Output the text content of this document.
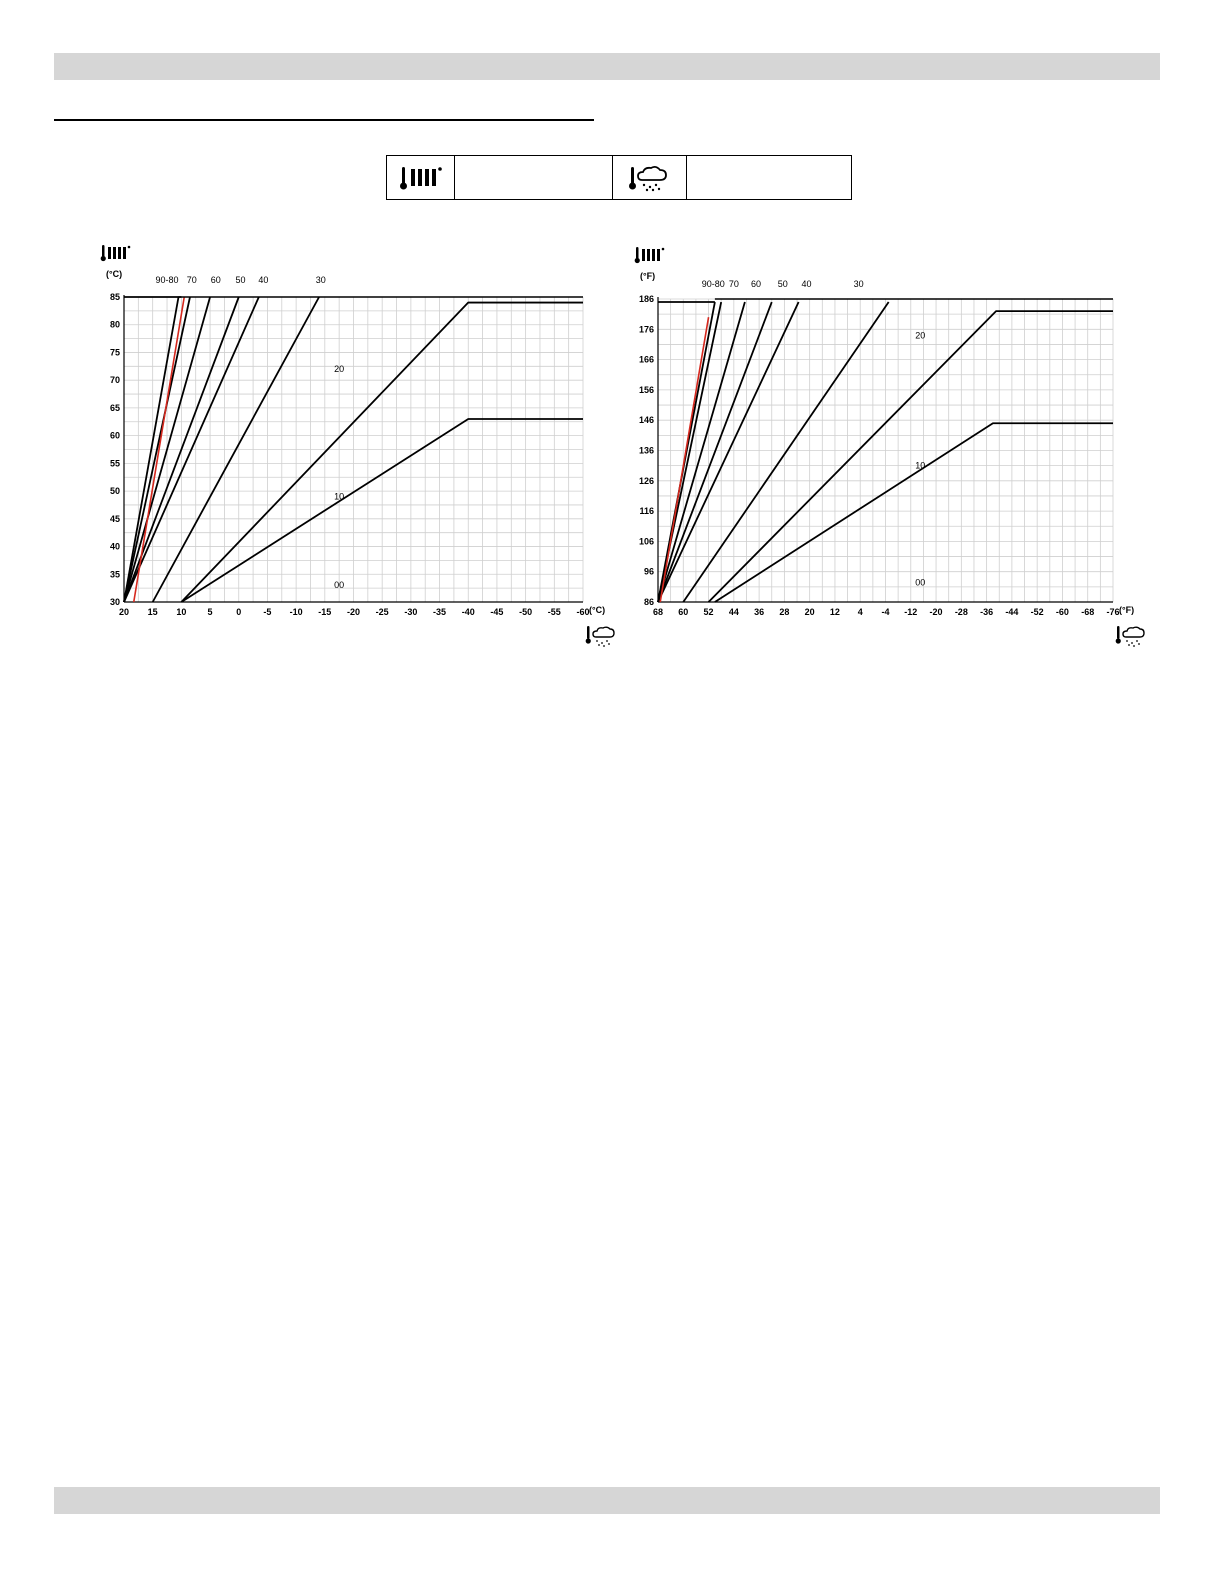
20 15 10 5	0 -5 -10 -15 -20 -25 -30 -35 -40 -45 -50 -55 -60
85
80
75
70
65
60
55
50
45
40
35
30
(°C)
(°C)
90-80 70 60 50 40	30
20
10
00
68 60 52 44 36 28 20 12 4 -4 -12 -20 -28 -36 -44 -52 -60 -68 -76
186
176
166
156
146
136
126
116
106
96
86
(°F)
(°F)
90-80 70 60 50 40	30
20
10
00
